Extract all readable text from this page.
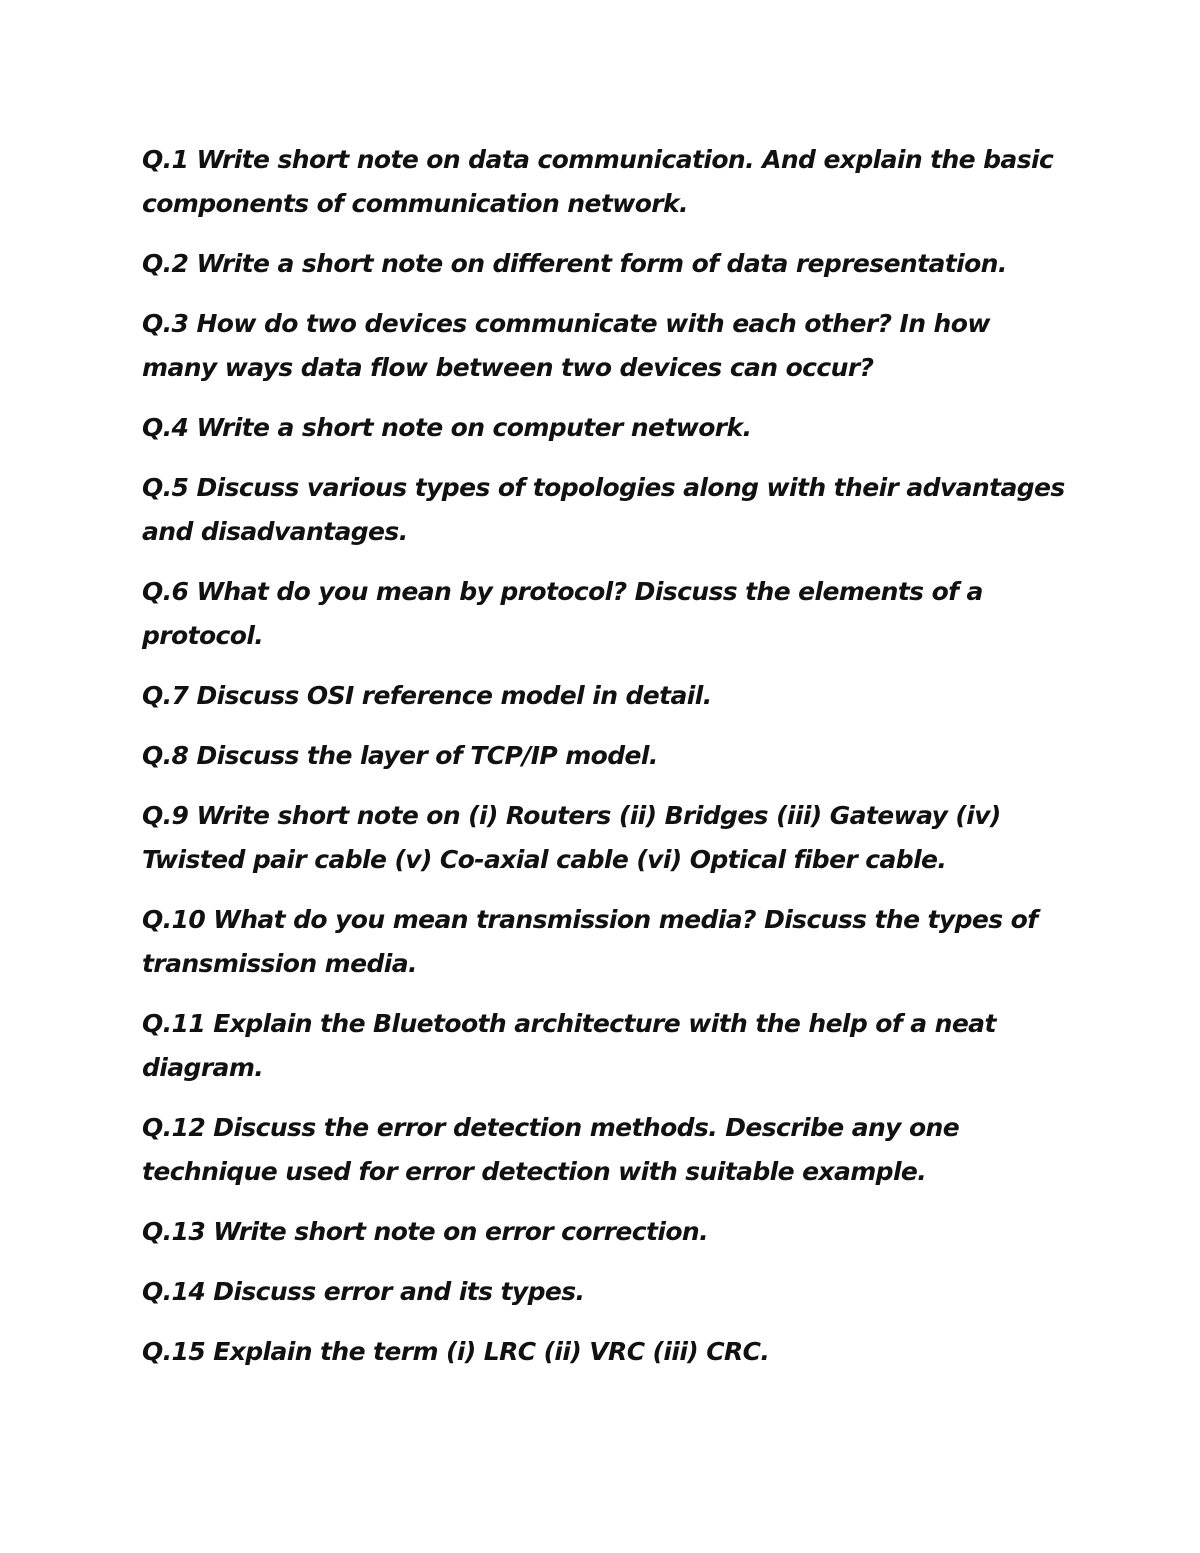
Q.1 Write short note on data communication. And explain the basic components of communication network.

Q.2 Write a short note on different form of data representation.

Q.3 How do two devices communicate with each other? In how many ways data flow between two devices can occur?

Q.4 Write a short note on computer network.

Q.5 Discuss various types of topologies along with their advantages and disadvantages.

Q.6 What do you mean by protocol? Discuss the elements of a protocol.

Q.7 Discuss OSI reference model in detail.

Q.8 Discuss the layer of TCP/IP model.

Q.9 Write short note on (i) Routers (ii) Bridges (iii) Gateway (iv) Twisted pair cable (v) Co-axial cable (vi) Optical fiber cable.

Q.10 What do you mean transmission media? Discuss the types of transmission media.

Q.11 Explain the Bluetooth architecture with the help of a neat diagram.

Q.12 Discuss the error detection methods. Describe any one technique used for error detection with suitable example.

Q.13 Write short note on error correction.

Q.14 Discuss error and its types.

Q.15 Explain the term (i) LRC (ii) VRC (iii) CRC.
